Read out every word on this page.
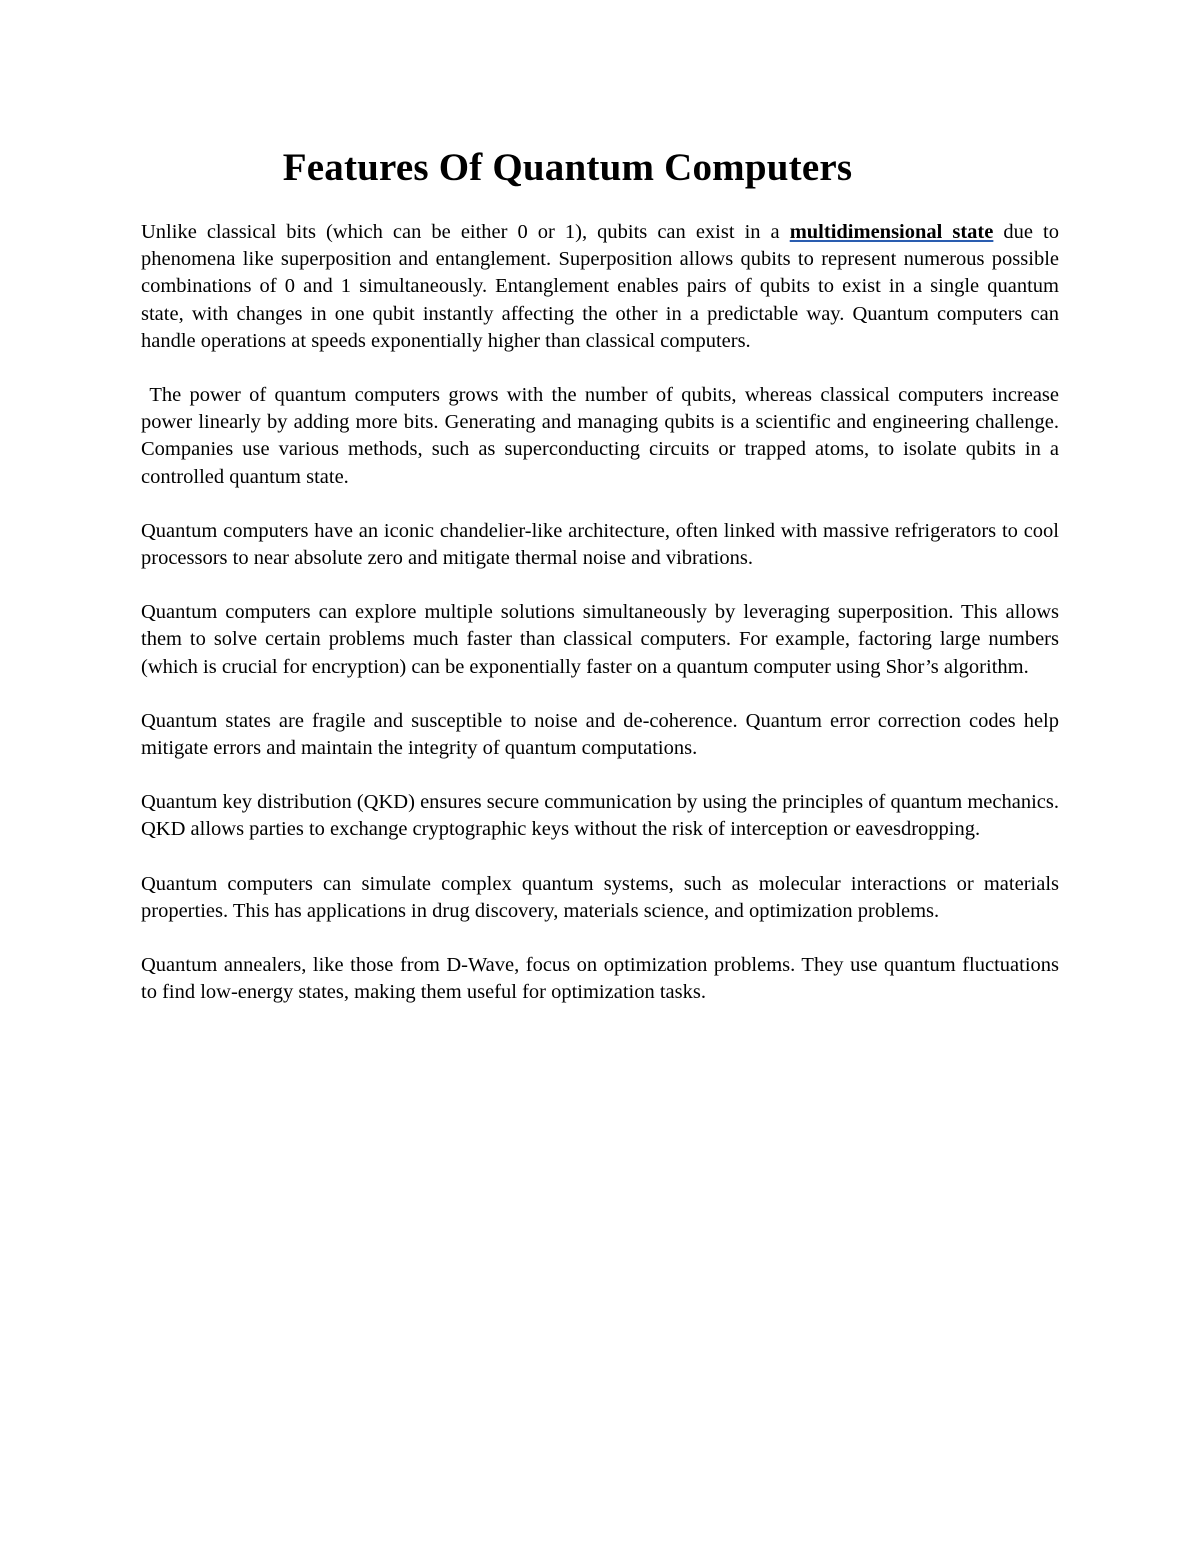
Features Of Quantum Computers

Unlike classical bits (which can be either 0 or 1), qubits can exist in a multidimensional state due to phenomena like superposition and entanglement. Superposition allows qubits to represent numerous possible combinations of 0 and 1 simultaneously. Entanglement enables pairs of qubits to exist in a single quantum state, with changes in one qubit instantly affecting the other in a predictable way. Quantum computers can handle operations at speeds exponentially higher than classical computers.

The power of quantum computers grows with the number of qubits, whereas classical computers increase power linearly by adding more bits. Generating and managing qubits is a scientific and engineering challenge. Companies use various methods, such as superconducting circuits or trapped atoms, to isolate qubits in a controlled quantum state.

Quantum computers have an iconic chandelier-like architecture, often linked with massive refrigerators to cool processors to near absolute zero and mitigate thermal noise and vibrations.

Quantum computers can explore multiple solutions simultaneously by leveraging superposition. This allows them to solve certain problems much faster than classical computers. For example, factoring large numbers (which is crucial for encryption) can be exponentially faster on a quantum computer using Shor’s algorithm.

Quantum states are fragile and susceptible to noise and de-coherence. Quantum error correction codes help mitigate errors and maintain the integrity of quantum computations.

Quantum key distribution (QKD) ensures secure communication by using the principles of quantum mechanics. QKD allows parties to exchange cryptographic keys without the risk of interception or eavesdropping.

Quantum computers can simulate complex quantum systems, such as molecular interactions or materials properties. This has applications in drug discovery, materials science, and optimization problems.

Quantum annealers, like those from D-Wave, focus on optimization problems. They use quantum fluctuations to find low-energy states, making them useful for optimization tasks.
